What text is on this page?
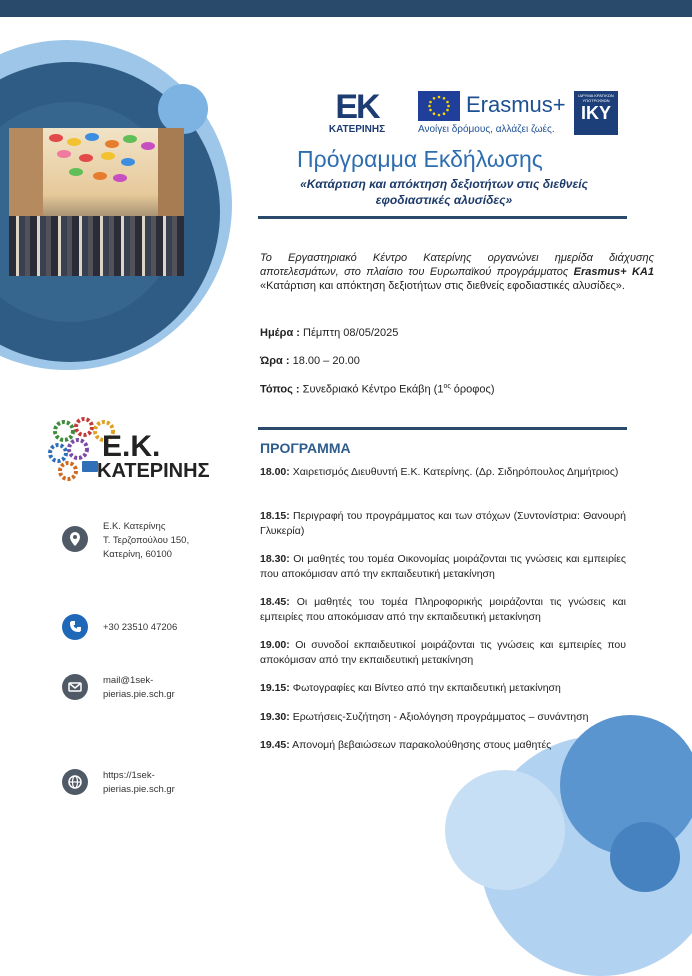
ΕΚ
ΚΑΤΕΡΙΝΗΣ
Erasmus+
Ανοίγει δρόμους, αλλάζει ζωές.
ΙΔΡΥΜΑ ΚΡΑΤΙΚΩΝ ΥΠΟΤΡΟΦΙΩΝ
ΙΚΥ
Πρόγραμμα Εκδήλωσης
«Κατάρτιση και απόκτηση δεξιοτήτων στις διεθνείς εφοδιαστικές αλυσίδες»
Το Εργαστηριακό Κέντρο Κατερίνης οργανώνει ημερίδα διάχυσης αποτελεσμάτων, στο πλαίσιο του Ευρωπαϊκού προγράμματος Erasmus+ KA1 «Κατάρτιση και απόκτηση δεξιοτήτων στις διεθνείς εφοδιαστικές αλυσίδες».
Ημέρα : Πέμπτη 08/05/2025
Ώρα : 18.00 – 20.00
Τόπος : Συνεδριακό Κέντρο Εκάβη ($1^{o\varsigma}$ όροφος)
ΠΡΟΓΡΑΜΜΑ
18.00: Χαιρετισμός Διευθυντή Ε.Κ. Κατερίνης. (Δρ. Σιδηρόπουλος Δημήτριος)
18.15: Περιγραφή του προγράμματος και των στόχων (Συντονίστρια: Θανουρή Γλυκερία)
18.30: Οι μαθητές του τομέα Οικονομίας μοιράζονται τις γνώσεις και εμπειρίες που αποκόμισαν από την εκπαιδευτική μετακίνηση
18.45: Οι μαθητές του τομέα Πληροφορικής μοιράζονται τις γνώσεις και εμπειρίες που αποκόμισαν από την εκπαιδευτική μετακίνηση
19.00: Οι συνοδοί εκπαιδευτικοί μοιράζονται τις γνώσεις και εμπειρίες που αποκόμισαν από την εκπαιδευτική μετακίνηση
19.15: Φωτογραφίες και Βίντεο από την εκπαιδευτική μετακίνηση
19.30: Ερωτήσεις-Συζήτηση - Αξιολόγηση προγράμματος – συνάντηση
19.45: Απονομή βεβαιώσεων παρακολούθησης στους μαθητές
Ε.Κ.
ΚΑΤΕΡΙΝΗΣ
Ε.Κ. Κατερίνης
Τ. Τερζοπούλου 150,
Κατερίνη, 60100
+30 23510 47206
mail@1sek-
pierias.pie.sch.gr
https://1sek-
pierias.pie.sch.gr
